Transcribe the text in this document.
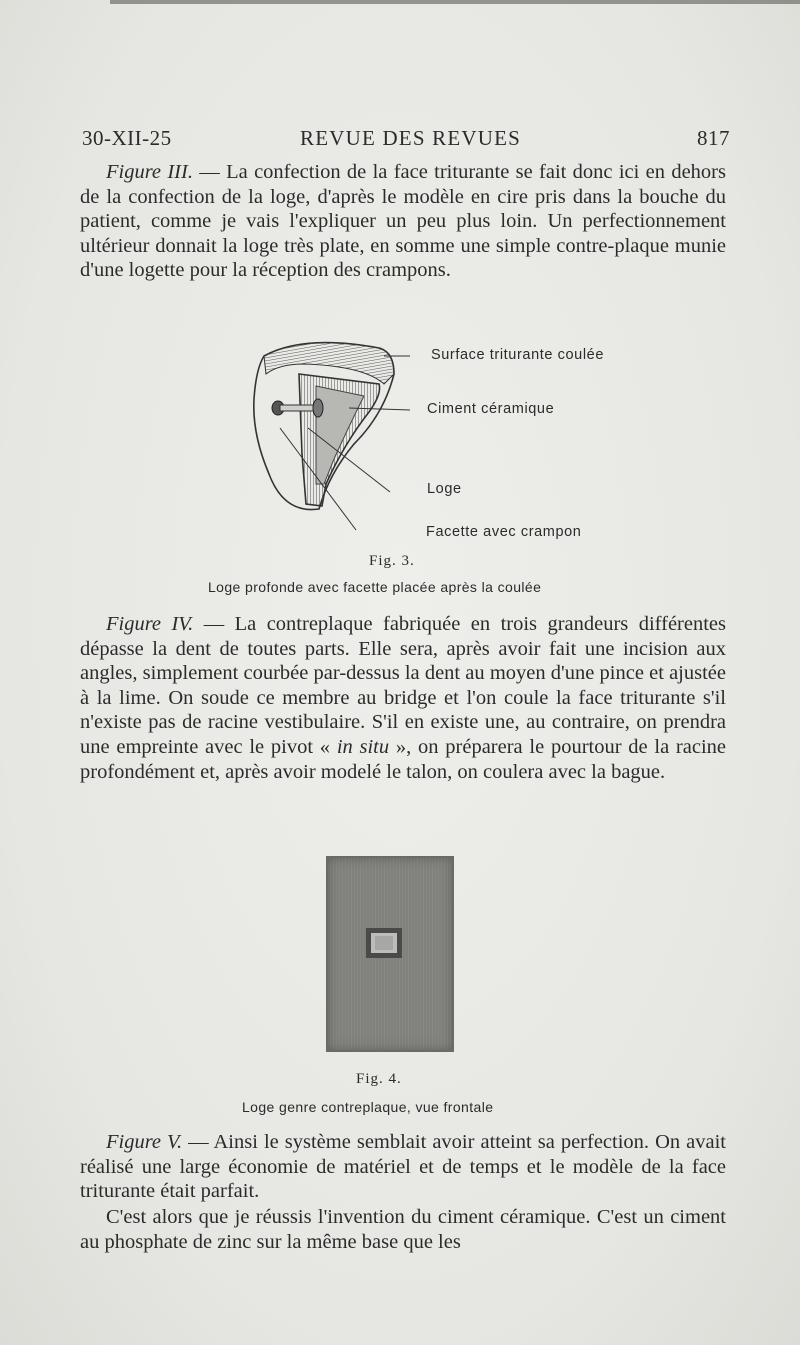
30-XII-25	REVUE DES REVUES	817

Figure III. — La confection de la face triturante se fait donc ici en dehors de la confection de la loge, d'après le modèle en cire pris dans la bouche du patient, comme je vais l'expliquer un peu plus loin. Un perfectionnement ultérieur donnait la loge très plate, en somme une simple contre-plaque munie d'une logette pour la réception des crampons.

Surface triturante coulée
Ciment céramique
Loge
Facette avec crampon
Fig. 3.
Loge profonde avec facette placée après la coulée

Figure IV. — La contreplaque fabriquée en trois grandeurs différentes dépasse la dent de toutes parts. Elle sera, après avoir fait une incision aux angles, simplement courbée par-dessus la dent au moyen d'une pince et ajustée à la lime. On soude ce membre au bridge et l'on coule la face triturante s'il n'existe pas de racine vestibulaire. S'il en existe une, au contraire, on prendra une empreinte avec le pivot « in situ », on préparera le pourtour de la racine profondément et, après avoir modelé le talon, on coulera avec la bague.

Fig. 4.
Loge genre contreplaque, vue frontale

Figure V. — Ainsi le système semblait avoir atteint sa perfection. On avait réalisé une large économie de matériel et de temps et le modèle de la face triturante était parfait.

C'est alors que je réussis l'invention du ciment céramique. C'est un ciment au phosphate de zinc sur la même base que les
